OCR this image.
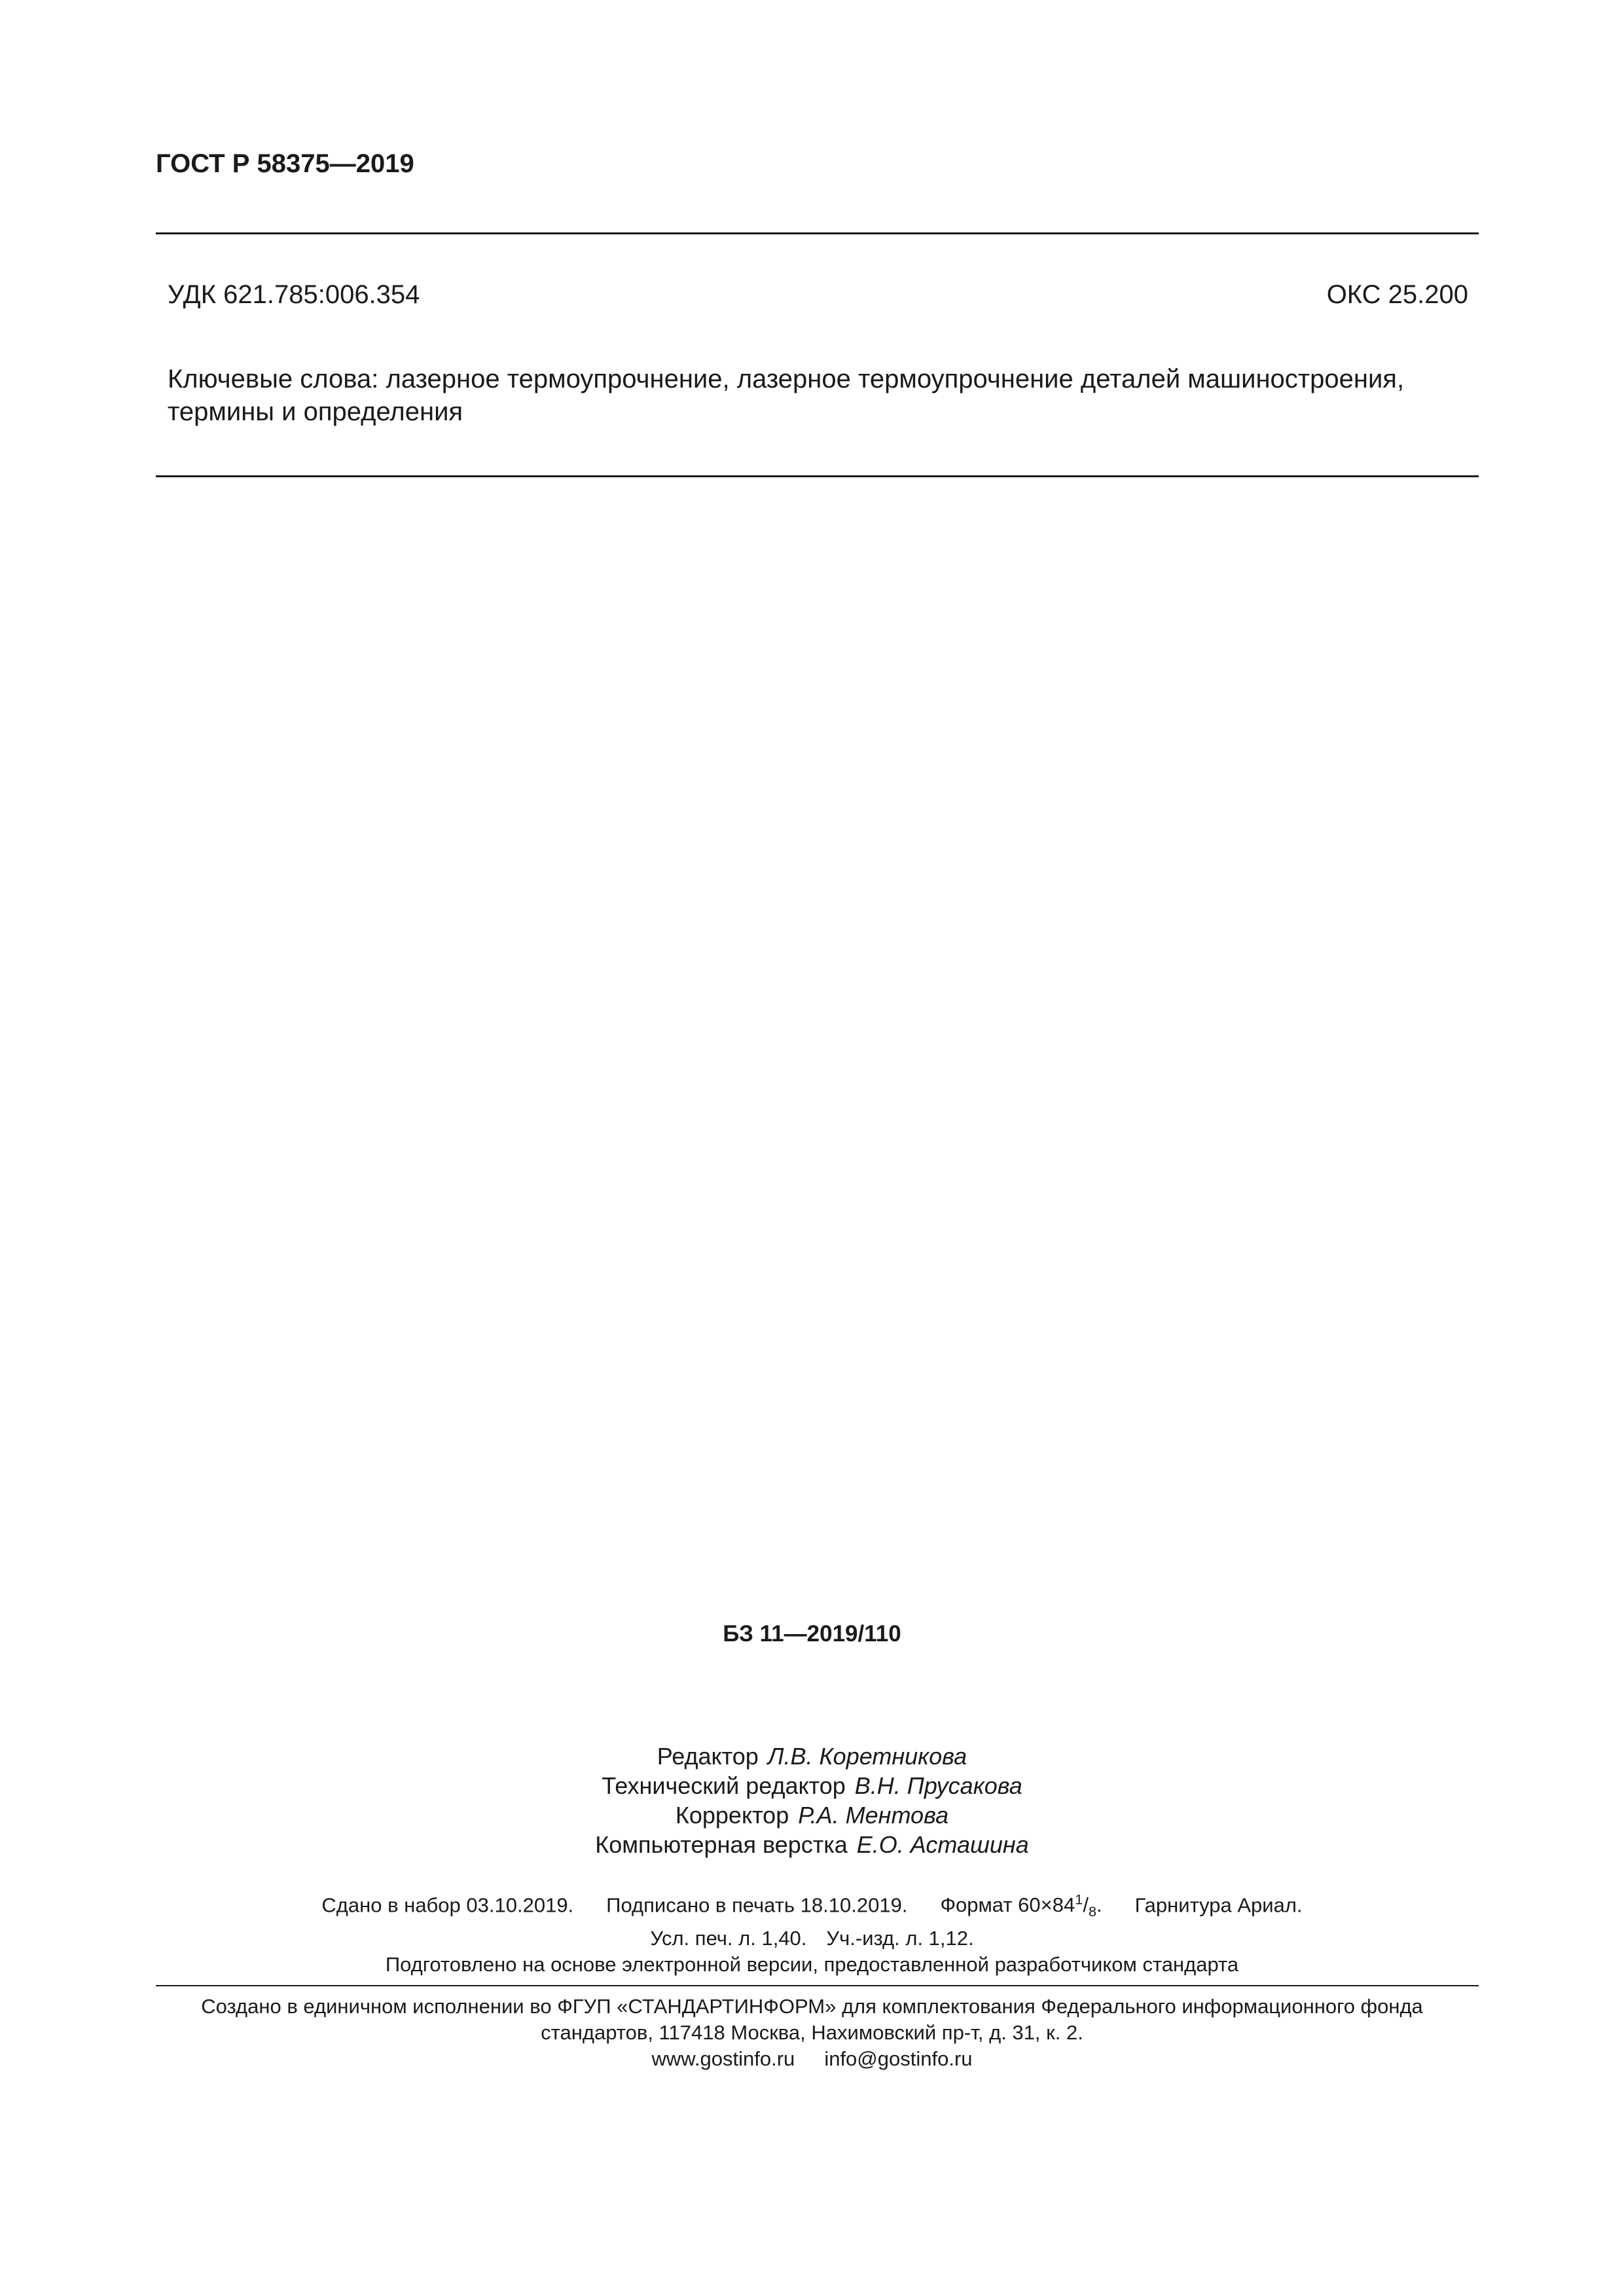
ГОСТ Р 58375—2019
УДК 621.785:006.354	ОКС 25.200
Ключевые слова: лазерное термоупрочнение, лазерное термоупрочнение деталей машиностроения,
термины и определения
БЗ 11—2019/110
Редактор Л.В. Коретникова
Технический редактор В.Н. Прусакова
Корректор Р.А. Ментова
Компьютерная верстка Е.О. Асташина
Сдано в набор 03.10.2019. Подписано в печать 18.10.2019. Формат $60\times 84^1/_8$. Гарнитура Ариал.
Усл. печ. л. 1,40. Уч.-изд. л. 1,12.
Подготовлено на основе электронной версии, предоставленной разработчиком стандарта
Создано в единичном исполнении во ФГУП «СТАНДАРТИНФОРМ» для комплектования Федерального информационного фонда
стандартов, 117418 Москва, Нахимовский пр-т, д. 31, к. 2.
www.gostinfo.ru info@gostinfo.ru
